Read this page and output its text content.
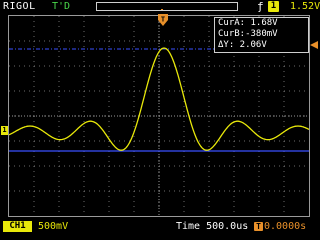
RIGOL T'D	ƒ 1 1.52V
T	CurA: 1.68V
CurB:-380mV
ΔY: 2.06V
1
CH1	500mV	Time 500.0us T 0.0000s
